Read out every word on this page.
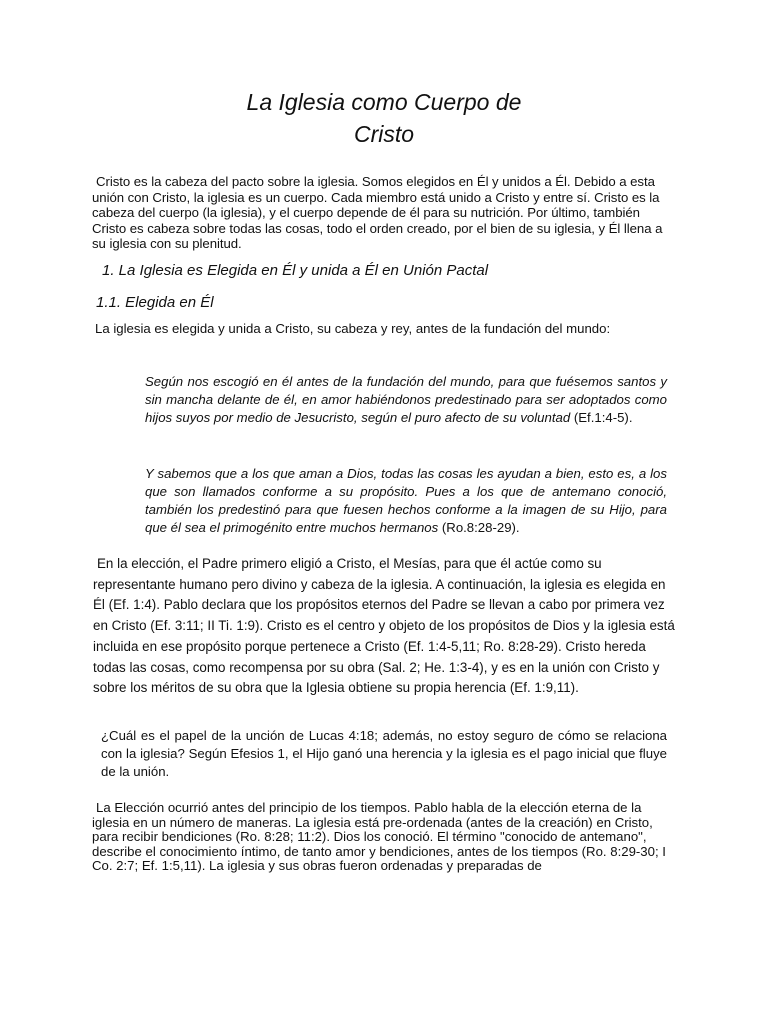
La Iglesia como Cuerpo de
Cristo

Cristo es la cabeza del pacto sobre la iglesia. Somos elegidos en Él y unidos a Él. Debido a esta unión con Cristo, la iglesia es un cuerpo. Cada miembro está unido a Cristo y entre sí. Cristo es la cabeza del cuerpo (la iglesia), y el cuerpo depende de él para su nutrición. Por último, también Cristo es cabeza sobre todas las cosas, todo el orden creado, por el bien de su iglesia, y Él llena a su iglesia con su plenitud.

1. La Iglesia es Elegida en Él y unida a Él en Unión Pactal
1.1. Elegida en Él

La iglesia es elegida y unida a Cristo, su cabeza y rey, antes de la fundación del mundo:

Según nos escogió en él antes de la fundación del mundo, para que fuésemos santos y sin mancha delante de él, en amor habiéndonos predestinado para ser adoptados como hijos suyos por medio de Jesucristo, según el puro afecto de su voluntad (Ef.1:4-5).

Y sabemos que a los que aman a Dios, todas las cosas les ayudan a bien, esto es, a los que son llamados conforme a su propósito. Pues a los que de antemano conoció, también los predestinó para que fuesen hechos conforme a la imagen de su Hijo, para que él sea el primogénito entre muchos hermanos (Ro.8:28-29).

En la elección, el Padre primero eligió a Cristo, el Mesías, para que él actúe como su representante humano pero divino y cabeza de la iglesia. A continuación, la iglesia es elegida en Él (Ef. 1:4). Pablo declara que los propósitos eternos del Padre se llevan a cabo por primera vez en Cristo (Ef. 3:11; II Ti. 1:9). Cristo es el centro y objeto de los propósitos de Dios y la iglesia está incluida en ese propósito porque pertenece a Cristo (Ef. 1:4-5,11; Ro. 8:28-29). Cristo hereda todas las cosas, como recompensa por su obra (Sal. 2; He. 1:3-4), y es en la unión con Cristo y sobre los méritos de su obra que la Iglesia obtiene su propia herencia (Ef. 1:9,11).

¿Cuál es el papel de la unción de Lucas 4:18; además, no estoy seguro de cómo se relaciona con la iglesia? Según Efesios 1, el Hijo ganó una herencia y la iglesia es el pago inicial que fluye de la unión.

La Elección ocurrió antes del principio de los tiempos. Pablo habla de la elección eterna de la iglesia en un número de maneras. La iglesia está pre-ordenada (antes de la creación) en Cristo, para recibir bendiciones (Ro. 8:28; 11:2). Dios los conoció. El término "conocido de antemano", describe el conocimiento íntimo, de tanto amor y bendiciones, antes de los tiempos (Ro. 8:29-30; I Co. 2:7; Ef. 1:5,11). La iglesia y sus obras fueron ordenadas y preparadas de
